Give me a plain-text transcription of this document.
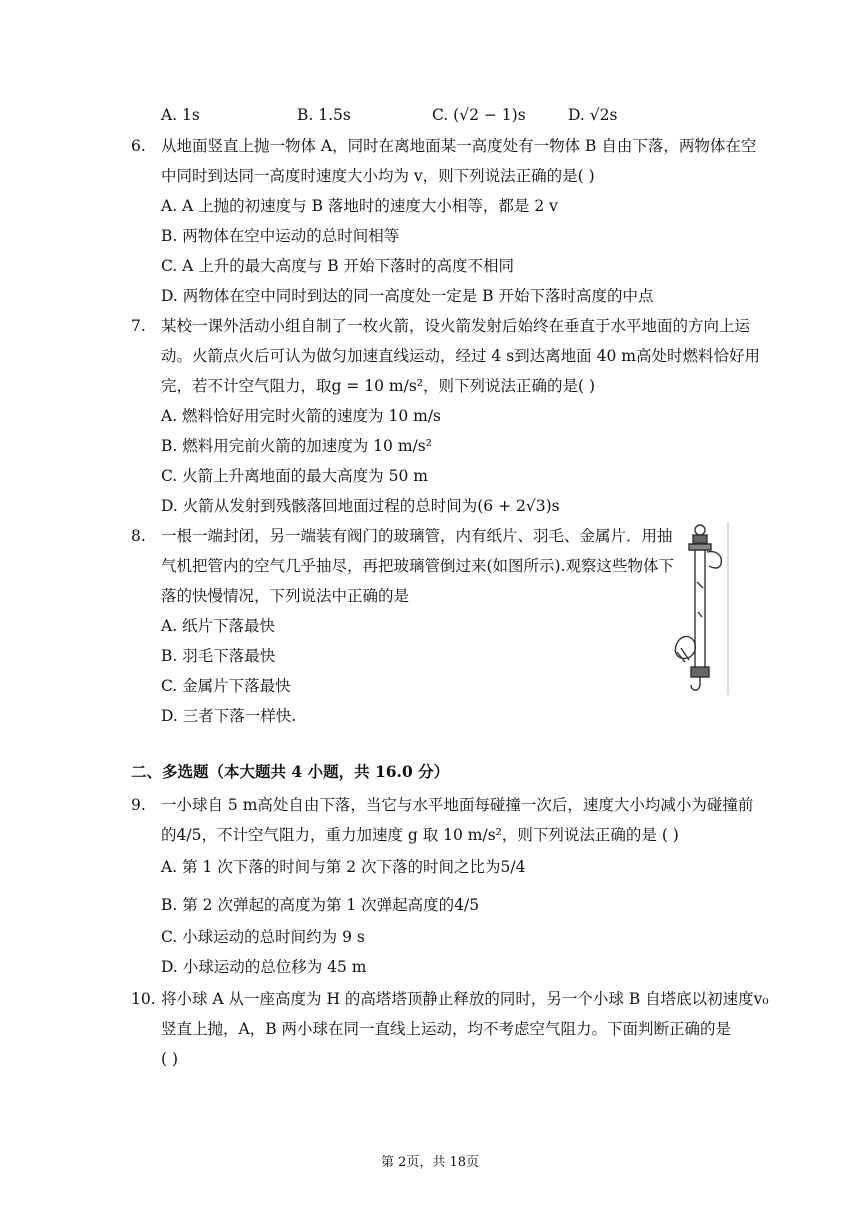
A. 1s	B. 1.5s	C. (√2 − 1)s	D. √2s
6. 从地面竖直上抛一物体 A，同时在离地面某一高度处有一物体 B 自由下落，两物体在空
中同时到达同一高度时速度大小均为 v，则下列说法正确的是( )
A. A 上抛的初速度与 B 落地时的速度大小相等，都是 2 v
B. 两物体在空中运动的总时间相等
C. A 上升的最大高度与 B 开始下落时的高度不相同
D. 两物体在空中同时到达的同一高度处一定是 B 开始下落时高度的中点
7. 某校一课外活动小组自制了一枚火箭，设火箭发射后始终在垂直于水平地面的方向上运
动。火箭点火后可认为做匀加速直线运动，经过 4 s到达离地面 40 m高处时燃料恰好用
完，若不计空气阻力，取g = 10 m/s²，则下列说法正确的是( )
A. 燃料恰好用完时火箭的速度为 10 m/s
B. 燃料用完前火箭的加速度为 10 m/s²
C. 火箭上升离地面的最大高度为 50 m
D. 火箭从发射到残骸落回地面过程的总时间为(6 + 2√3)s
8. 一根一端封闭，另一端装有阀门的玻璃管，内有纸片、羽毛、金属片．用抽
气机把管内的空气几乎抽尽，再把玻璃管倒过来(如图所示).观察这些物体下
落的快慢情况，下列说法中正确的是
A. 纸片下落最快
B. 羽毛下落最快
C. 金属片下落最快
D. 三者下落一样快.
二、多选题（本大题共 4 小题，共 16.0 分）
9. 一小球自 5 m高处自由下落，当它与水平地面每碰撞一次后，速度大小均减小为碰撞前
的4/5，不计空气阻力，重力加速度 g 取 10 m/s²，则下列说法正确的是 ( )
A. 第 1 次下落的时间与第 2 次下落的时间之比为5/4
B. 第 2 次弹起的高度为第 1 次弹起高度的4/5
C. 小球运动的总时间约为 9 s
D. 小球运动的总位移为 45 m
10. 将小球 A 从一座高度为 H 的高塔塔顶静止释放的同时，另一个小球 B 自塔底以初速度v₀
竖直上抛，A，B 两小球在同一直线上运动，均不考虑空气阻力。下面判断正确的是
( )
第 2页，共 18页
